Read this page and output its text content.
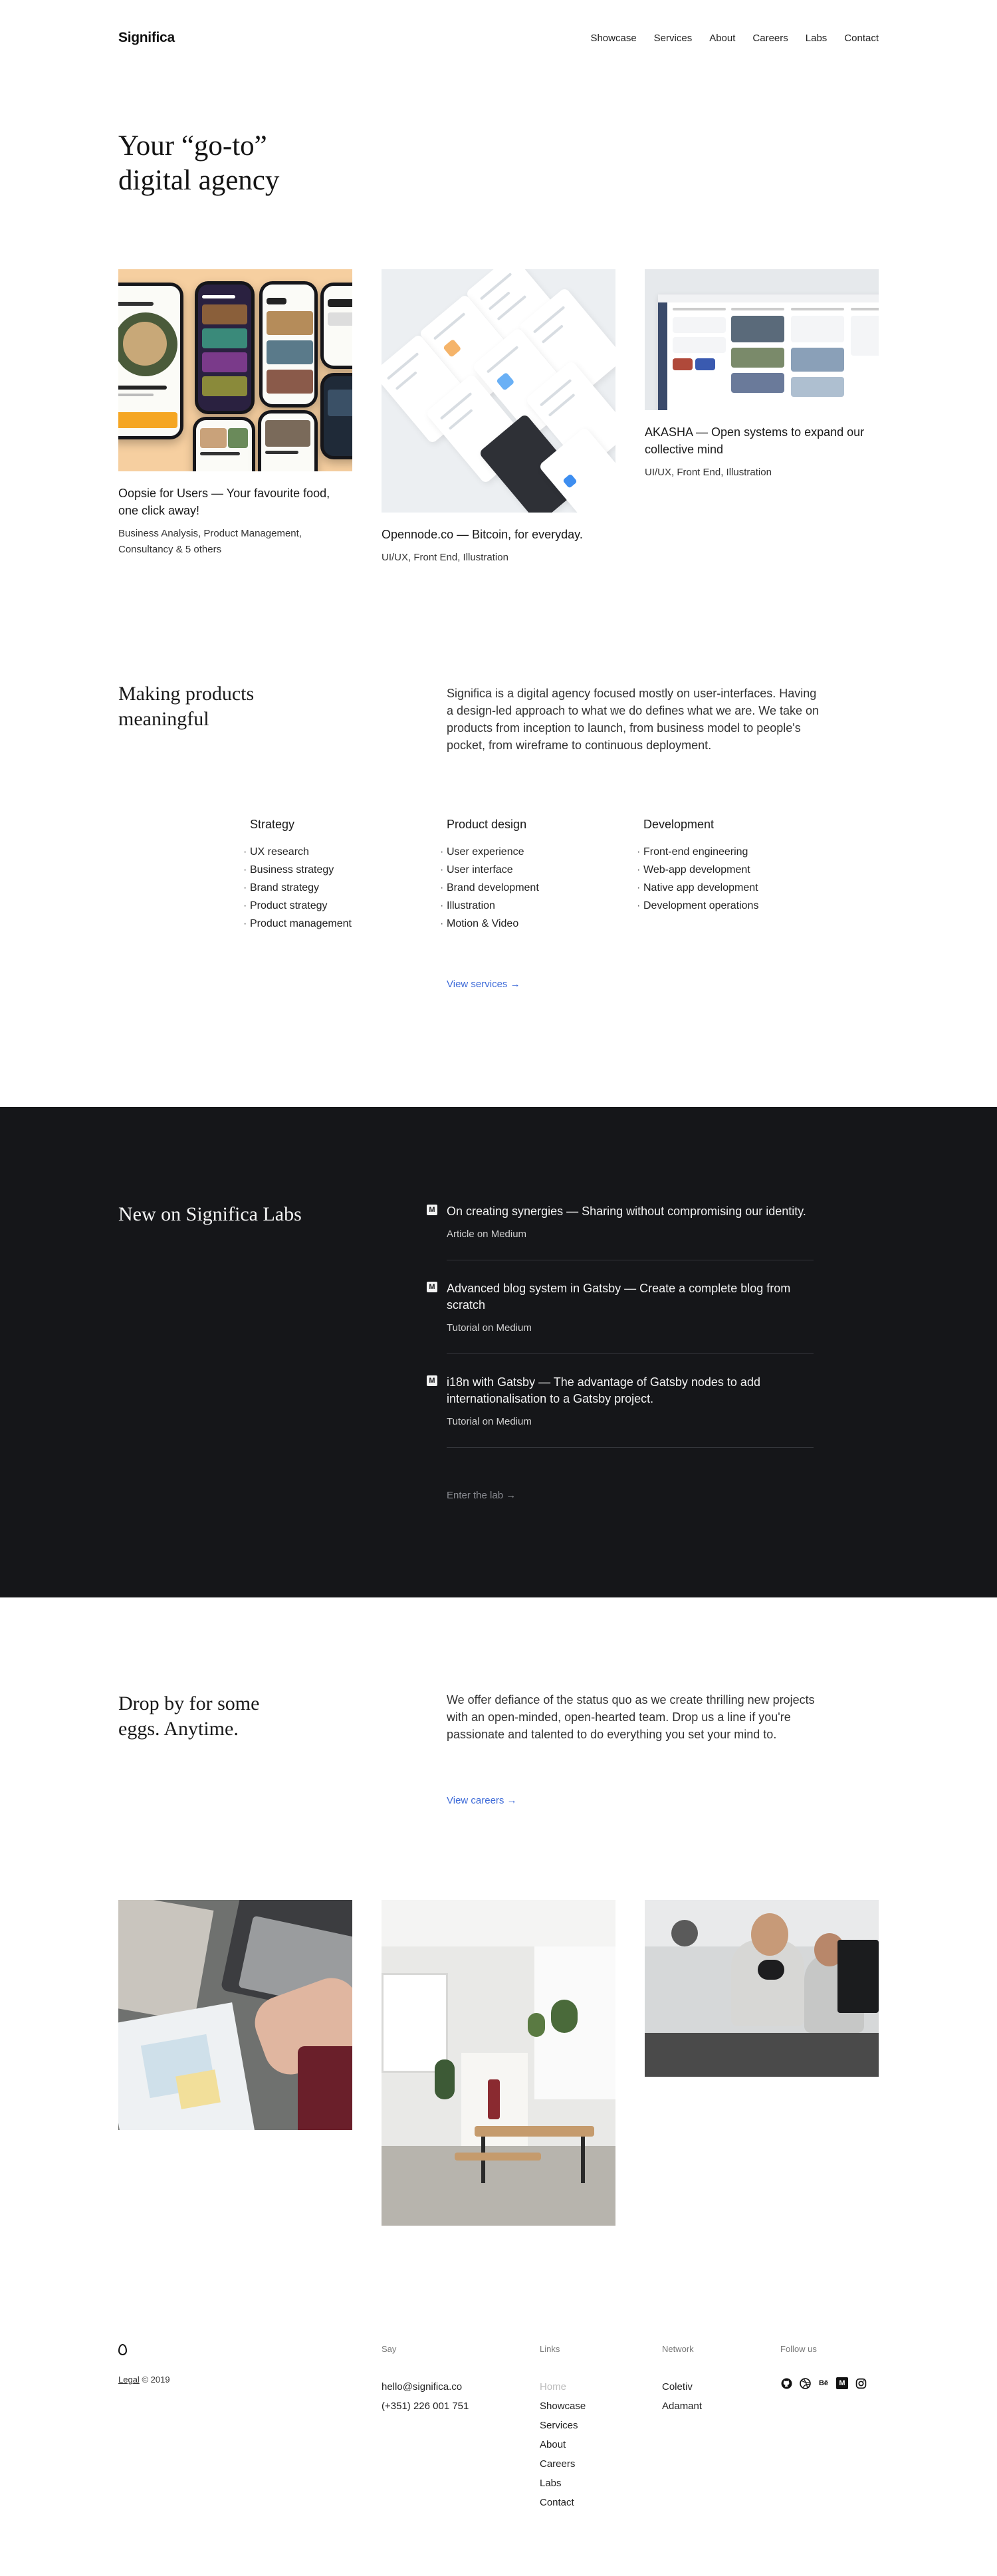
Significa	Showcase Services About Careers Labs Contact
Your “go-to”
digital agency
Oopsie for Users — Your favourite food, one click away!
Business Analysis, Product Management, Consultancy & 5 others
Opennode.co — Bitcoin, for everyday.
UI/UX, Front End, Illustration
AKASHA — Open systems to expand our collective mind
UI/UX, Front End, Illustration
Making products
meaningful

Significa is a digital agency focused mostly on user-interfaces. Having a design-led approach to what we do defines what we are. We take on products from inception to launch, from business model to people's pocket, from wireframe to continuous deployment.

Strategy
· UX research
· Business strategy
· Brand strategy
· Product strategy
· Product management
Product design
· User experience
· User interface
· Brand development
· Illustration
· Motion & Video
Development
· Front-end engineering
· Web-app development
· Native app development
· Development operations
View services →
New on Significa Labs	M On creating synergies — Sharing without compromising our identity.
Article on Medium
M Advanced blog system in Gatsby — Create a complete blog from scratch
Tutorial on Medium
M i18n with Gatsby — The advantage of Gatsby nodes to add internationalisation to a Gatsby project.
Tutorial on Medium
Enter the lab →
Drop by for some
eggs. Anytime.

We offer defiance of the status quo as we create thrilling new projects with an open-minded, open-hearted team. Drop us a line if you're passionate and talented to do everything you set your mind to.

View careers →
Legal © 2019
Say
hello@significa.co
(+351) 226 001 751
Links
Home
Showcase
Services
About
Careers
Labs
Contact
Network
Coletiv
Adamant
Follow us
Bē	M
